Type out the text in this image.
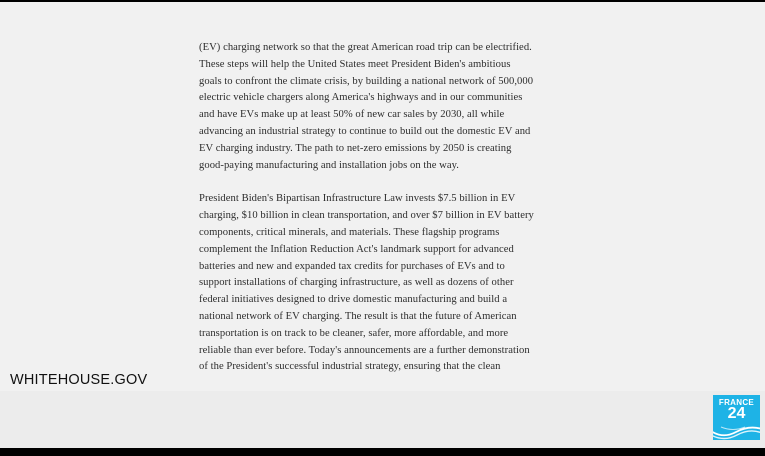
(EV) charging network so that the great American road trip can be electrified.
These steps will help the United States meet President Biden's ambitious
goals to confront the climate crisis, by building a national network of 500,000
electric vehicle chargers along America's highways and in our communities
and have EVs make up at least 50% of new car sales by 2030, all while
advancing an industrial strategy to continue to build out the domestic EV and
EV charging industry. The path to net-zero emissions by 2050 is creating
good-paying manufacturing and installation jobs on the way.

President Biden's Bipartisan Infrastructure Law invests $7.5 billion in EV
charging, $10 billion in clean transportation, and over $7 billion in EV battery
components, critical minerals, and materials. These flagship programs
complement the Inflation Reduction Act's landmark support for advanced
batteries and new and expanded tax credits for purchases of EVs and to
support installations of charging infrastructure, as well as dozens of other
federal initiatives designed to drive domestic manufacturing and build a
national network of EV charging. The result is that the future of American
transportation is on track to be cleaner, safer, more affordable, and more
reliable than ever before. Today's announcements are a further demonstration
of the President's successful industrial strategy, ensuring that the clean

WHITEHOUSE.GOV
FRANCE
24
